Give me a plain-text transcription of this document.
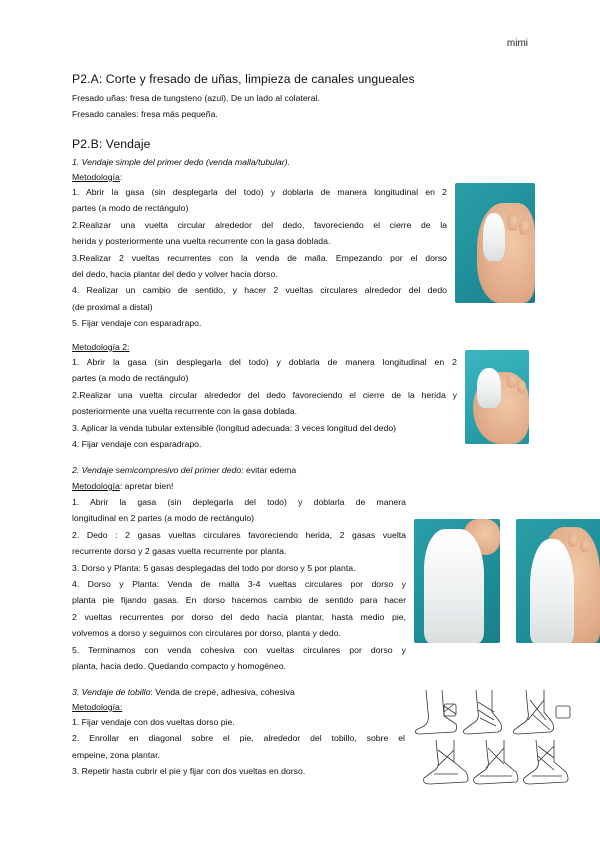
mimi
P2.A: Corte y fresado de uñas, limpieza de canales ungueales
Fresado uñas: fresa de tungsteno (azul). De un lado al colateral.
Fresado canales: fresa más pequeña.
P2.B: Vendaje
1. Vendaje simple del primer dedo (venda malla/tubular).
Metodología:
1. Abrir la gasa (sin desplegarla del todo) y doblarla de manera longitudinal en 2
partes (a modo de rectángulo)
2.Realizar una vuelta circular alrededor del dedo, favoreciendo el cierre de la
herida y posteriormente una vuelta recurrente con la gasa doblada.
3.Realizar 2 vueltas recurrentes con la venda de malla. Empezando por el dorso
del dedo, hacia plantar del dedo y volver hacia dorso.
4. Realizar un cambio de sentido, y hacer 2 vueltas circulares alrededor del dedo
(de proximal a distal)
5. Fijar vendaje con esparadrapo.
Metodología 2:
1. Abrir la gasa (sin desplegarla del todo) y doblarla de manera longitudinal en 2
partes (a modo de rectángulo)
2.Realizar una vuelta circular alrededor del dedo favoreciendo el cierre de la herida y
posteriormente una vuelta recurrente con la gasa doblada.
3. Aplicar la venda tubular extensible (longitud adecuada: 3 veces longitud del dedo)
4. Fijar vendaje con esparadrapo.
2. Vendaje semicompresivo del primer dedo: evitar edema
Metodología: apretar bien!
1. Abrir la gasa (sin deplegarla del todo) y doblarla de manera
longitudinal en 2 partes (a modo de rectángulo)
2. Dedo : 2 gasas vueltas circulares favoreciendo herida, 2 gasas vuelta
recurrente dorso y 2 gasas vuelta recurrente por planta.
3. Dorso y Planta: 5 gasas desplegadas del todo por dorso y 5 por planta.
4. Dorso y Planta: Venda de malla 3-4 vueltas circulares por dorso y
planta pie fijando gasas. En dorso hacemos cambio de sentido para hacer
2 vueltas recurrentes por dorso del dedo hacia plantar, hasta medio pie,
volvemos a dorso y seguimos con circulares por dorso, planta y dedo.
5. Terminamos con venda cohesiva con vueltas circulares por dorso y
planta, hacia dedo. Quedando compacto y homogéneo.
3. Vendaje de tobillo: Venda de crepé, adhesiva, cohesiva
Metodología:
1. Fijar vendaje con dos vueltas dorso pie.
2. Enrollar en diagonal sobre el pie, alrededor del tobillo, sobre el
empeine, zona plantar.
3. Repetir hasta cubrir el pie y fijar con dos vueltas en dorso.
